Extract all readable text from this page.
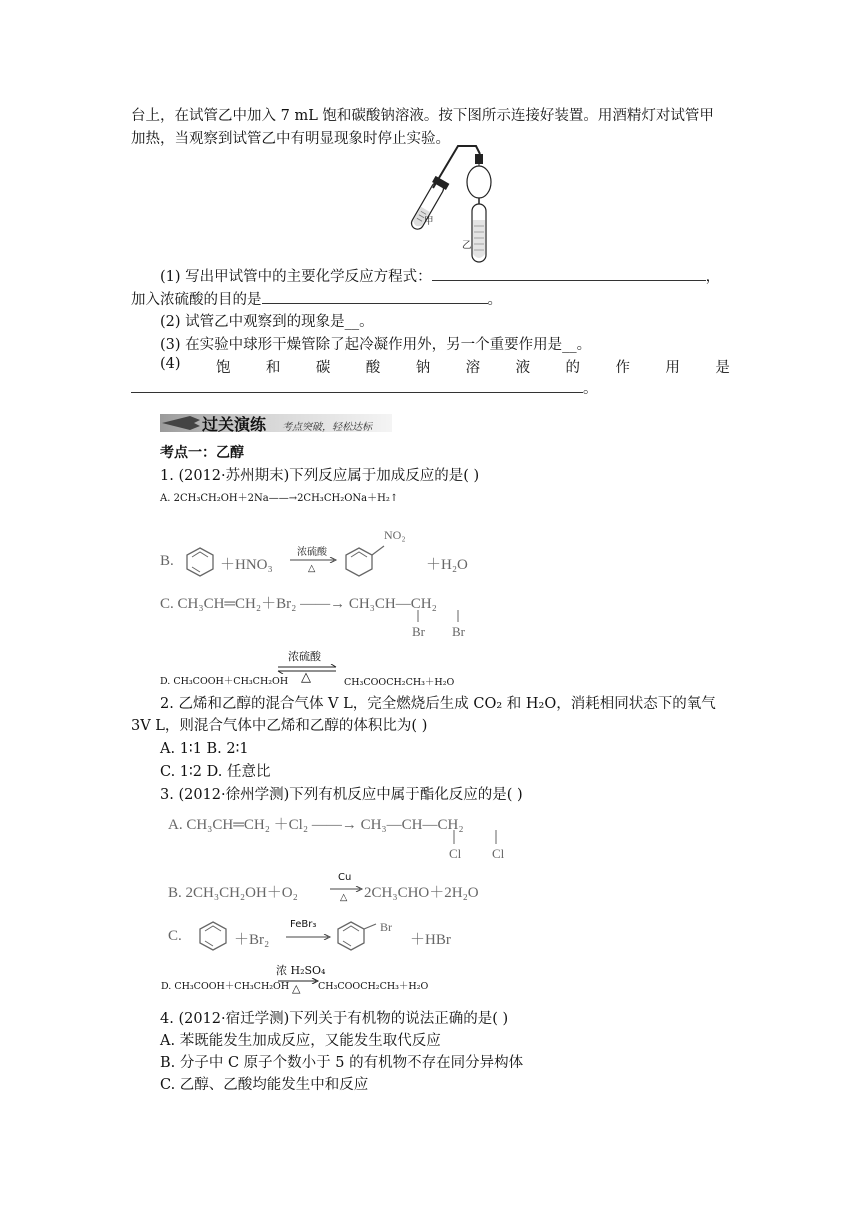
台上，在试管乙中加入 7 mL 饱和碳酸钠溶液。按下图所示连接好装置。用酒精灯对试管甲
加热，当观察到试管乙中有明显现象时停止实验。
甲
乙
(1) 写出甲试管中的主要化学反应方程式：	，
加入浓硫酸的目的是	。
(2) 试管乙中观察到的现象是__。
(3) 在实验中球形干燥管除了起冷凝作用外，另一个重要作用是__。
(4) 饱 和 碳 酸 钠 溶 液 的 作 用 是
。
过关演练 考点突破，轻松达标
考点一：乙醇
1. (2012·苏州期末)下列反应属于加成反应的是( )
A. 2CH₃CH₂OH＋2Na——→2CH₃CH₂ONa＋H₂↑
B.	＋HNO₃
浓硫酸
△
NO₂
＋H₂O
C. CH₃CH═CH₂＋Br₂ ——→ CH₃CH—CH₂
Br Br
浓硫酸
D. CH₃COOH＋CH₃CH₂OH △	CH₃COOCH₂CH₃＋H₂O
2. 乙烯和乙醇的混合气体 V L，完全燃烧后生成 CO₂ 和 H₂O，消耗相同状态下的氧气
3V L，则混合气体中乙烯和乙醇的体积比为( )
A. 1∶1 B. 2∶1
C. 1∶2 D. 任意比
3. (2012·徐州学测)下列有机反应中属于酯化反应的是( )
A. CH₃CH═CH₂ ＋Cl₂ ——→ CH₃—CH—CH₂
Cl Cl
B. 2CH₃CH₂OH＋O₂
Cu
△ 2CH₃CHO＋2H₂O
C.	＋Br₂
FeBr₃	Br
＋HBr
D. CH₃COOH＋CH₃CH₂OH
浓 H₂SO₄
△ CH₃COOCH₂CH₃＋H₂O
4. (2012·宿迁学测)下列关于有机物的说法正确的是( )
A. 苯既能发生加成反应，又能发生取代反应
B. 分子中 C 原子个数小于 5 的有机物不存在同分异构体
C. 乙醇、乙酸均能发生中和反应
